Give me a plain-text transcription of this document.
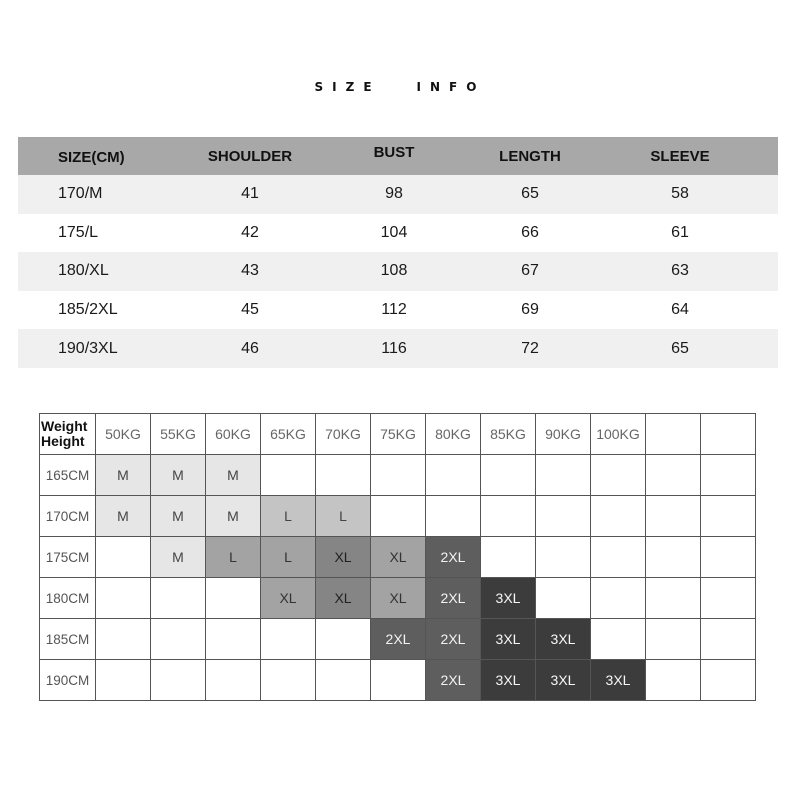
SIZE	INFO
SIZE(CM)	SHOULDER	BUST	LENGTH	SLEEVE
170/M	41	98	65	58
175/L	42	104	66	61
180/XL	43	108	67	63
185/2XL	45	112	69	64
190/3XL	46	116	72	65
Weight
Height	50KG	55KG	60KG	65KG	70KG	75KG	80KG	85KG	90KG	100KG		
165CM	M	M	M									
170CM	M	M	M	L	L							
175CM		M	L	L	XL	XL	2XL					
180CM				XL	XL	XL	2XL	3XL				
185CM						2XL	2XL	3XL	3XL			
190CM							2XL	3XL	3XL	3XL		
